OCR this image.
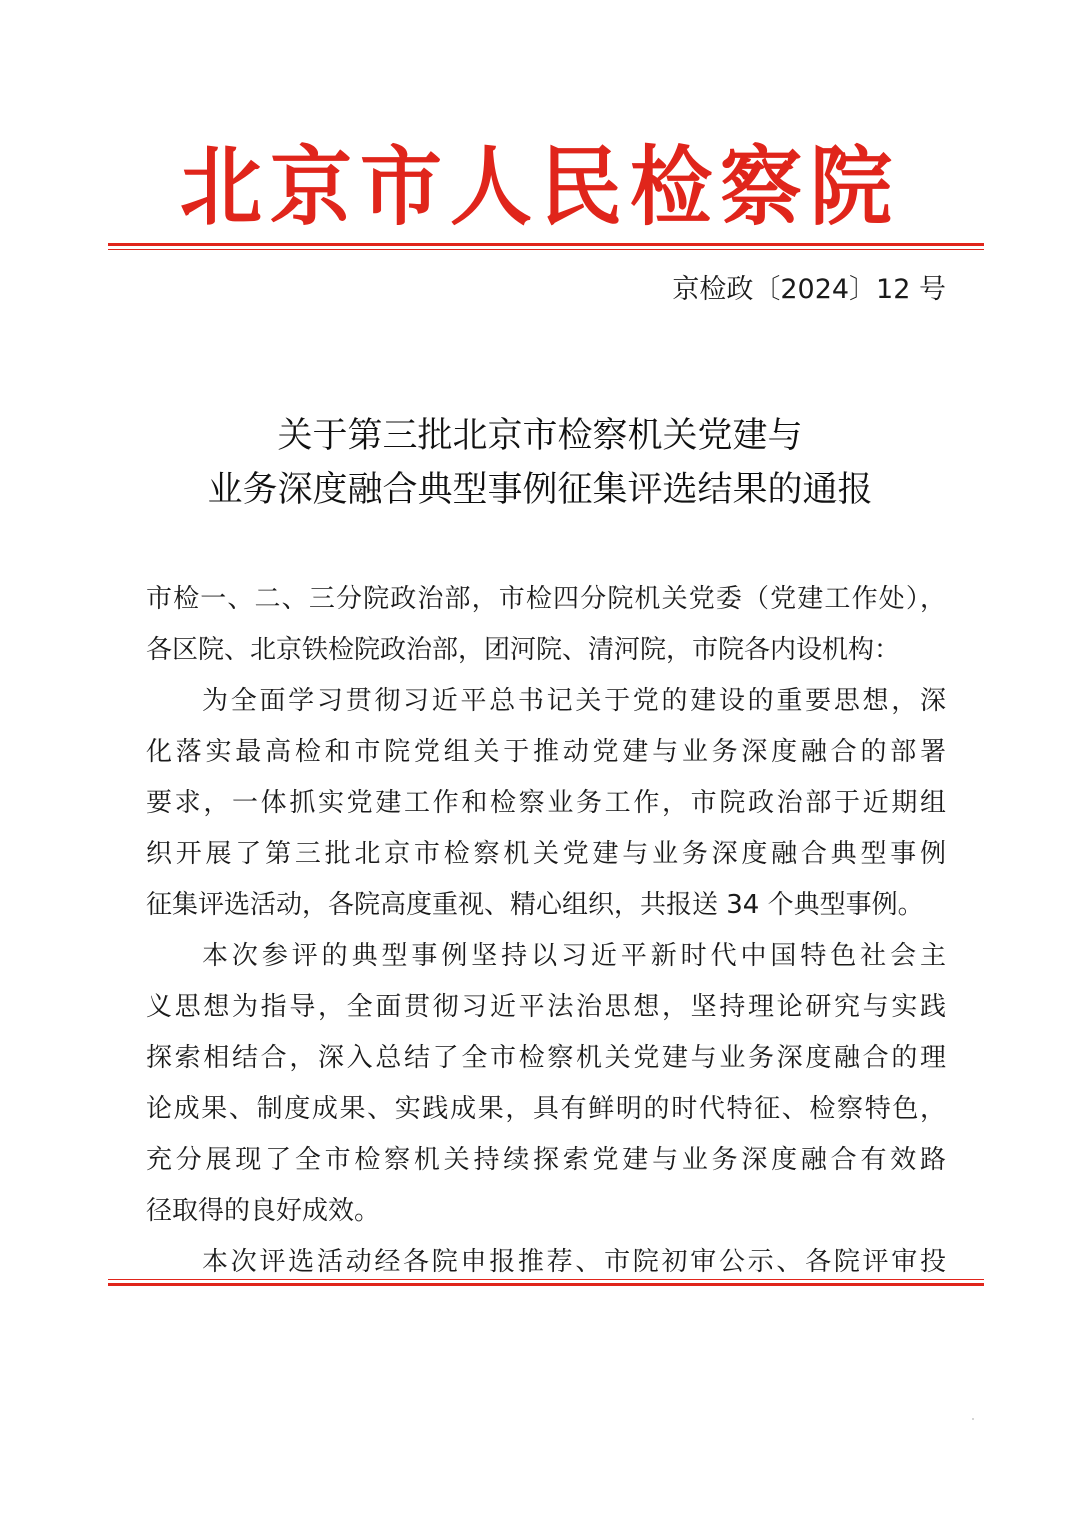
北京市人民检察院
京检政〔2024〕12 号
关于第三批北京市检察机关党建与
业务深度融合典型事例征集评选结果的通报
市检一、二、三分院政治部，市检四分院机关党委（党建工作处），
各区院、北京铁检院政治部，团河院、清河院，市院各内设机构：
为全面学习贯彻习近平总书记关于党的建设的重要思想，深
化落实最高检和市院党组关于推动党建与业务深度融合的部署
要求，一体抓实党建工作和检察业务工作，市院政治部于近期组
织开展了第三批北京市检察机关党建与业务深度融合典型事例
征集评选活动，各院高度重视、精心组织，共报送 34 个典型事例。
本次参评的典型事例坚持以习近平新时代中国特色社会主
义思想为指导，全面贯彻习近平法治思想，坚持理论研究与实践
探索相结合，深入总结了全市检察机关党建与业务深度融合的理
论成果、制度成果、实践成果，具有鲜明的时代特征、检察特色，
充分展现了全市检察机关持续探索党建与业务深度融合有效路
径取得的良好成效。
本次评选活动经各院申报推荐、市院初审公示、各院评审投
